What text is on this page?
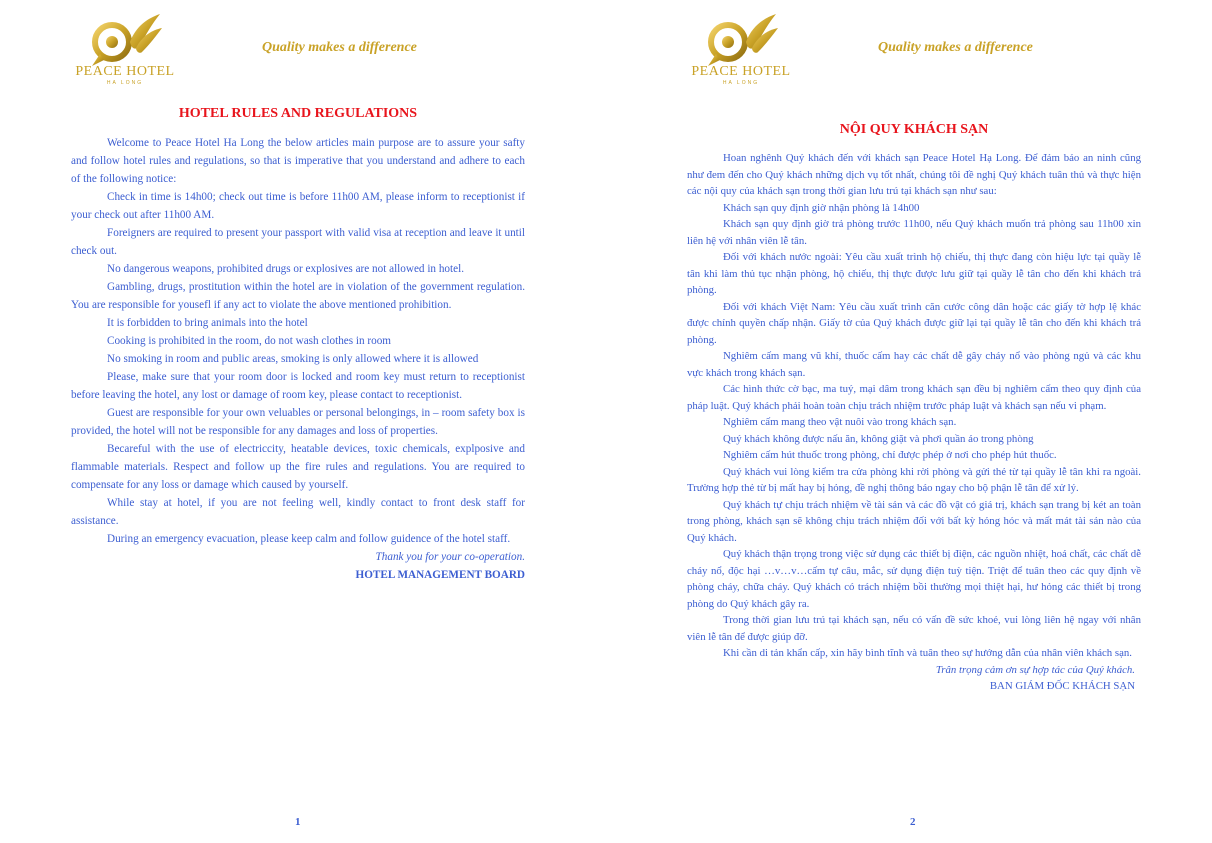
PEACE HOTEL
HA LONG
Quality makes a difference
HOTEL RULES AND REGULATIONS

Welcome to Peace Hotel Ha Long the below articles main purpose are to assure your safty and follow hotel rules and regulations, so that is imperative that you understand and adhere to each of the following notice:

Check in time is 14h00; check out time is before 11h00 AM, please inform to receptionist if your check out after 11h00 AM.

Foreigners are required to present your passport with valid visa at reception and leave it until check out.

No dangerous weapons, prohibited drugs or explosives are not allowed in hotel.

Gambling, drugs, prostitution within the hotel are in violation of the government regulation. You are responsible for yousefl if any act to violate the above mentioned prohibition.

It is forbidden to bring animals into the hotel

Cooking is prohibited in the room, do not wash clothes in room

No smoking in room and public areas, smoking is only allowed where it is allowed

Please, make sure that your room door is locked and room key must return to receptionist before leaving the hotel, any lost or damage of room key, please contact to receptionist.

Guest are responsible for your own veluables or personal belongings, in – room safety box is provided, the hotel will not be responsible for any damages and loss of properties.

Becareful with the use of electriccity, heatable devices, toxic chemicals, explposive and flammable materials. Respect and follow up the fire rules and regulations. You are required to compensate for any loss or damage which caused by yourself.

While stay at hotel, if you are not feeling well, kindly contact to front desk staff for assistance.

During an emergency evacuation, please keep calm and follow guidence of the hotel staff.

Thank you for your co-operation.

HOTEL MANAGEMENT BOARD

1
PEACE HOTEL
HA LONG
Quality makes a difference
NỘI QUY KHÁCH SẠN

Hoan nghênh Quý khách đến với khách sạn Peace Hotel Hạ Long. Để đảm bảo an ninh cũng như đem đến cho Quý khách những dịch vụ tốt nhất, chúng tôi đề nghị Quý khách tuân thủ và thực hiện các nội quy của khách sạn trong thời gian lưu trú tại khách sạn như sau:

Khách sạn quy định giờ nhận phòng là 14h00

Khách sạn quy định giờ trả phòng trước 11h00, nếu Quý khách muốn trả phòng sau 11h00 xin liên hệ với nhân viên lễ tân.

Đối với khách nước ngoài: Yêu cầu xuất trình hộ chiếu, thị thực đang còn hiệu lực tại quầy lễ tân khi làm thủ tục nhận phòng, hộ chiếu, thị thực được lưu giữ tại quầy lễ tân cho đến khi khách trả phòng.

Đối với khách Việt Nam: Yêu cầu xuất trình căn cước công dân hoặc các giấy tờ hợp lệ khác được chính quyền chấp nhận. Giấy tờ của Quý khách được giữ lại tại quầy lễ tân cho đến khi khách trả phòng.

Nghiêm cấm mang vũ khí, thuốc cấm hay các chất dễ gây cháy nổ vào phòng ngủ và các khu vực khách trong khách sạn.

Các hình thức cờ bạc, ma tuý, mại dâm trong khách sạn đều bị nghiêm cấm theo quy định của pháp luật. Quý khách phải hoàn toàn chịu trách nhiệm trước pháp luật và khách sạn nếu vi phạm.

Nghiêm cấm mang theo vật nuôi vào trong khách sạn.

Quý khách không được nấu ăn, không giặt và phơi quần áo trong phòng

Nghiêm cấm hút thuốc trong phòng, chỉ được phép ở nơi cho phép hút thuốc.

Quý khách vui lòng kiểm tra cửa phòng khi rời phòng và gửi thẻ từ tại quầy lễ tân khi ra ngoài. Trường hợp thẻ từ bị mất hay bị hỏng, đề nghị thông báo ngay cho bộ phận lễ tân để xử lý.

Quý khách tự chịu trách nhiệm về tài sản và các đồ vật có giá trị, khách sạn trang bị két an toàn trong phòng, khách sạn sẽ không chịu trách nhiệm đối với bất kỳ hỏng hóc và mất mát tài sản nào của Quý khách.

Quý khách thận trọng trong việc sử dụng các thiết bị điện, các nguồn nhiệt, hoá chất, các chất dễ cháy nổ, độc hại …v…v…cấm tự câu, mắc, sử dụng điện tuỳ tiện. Triệt để tuân theo các quy định về phòng cháy, chữa cháy. Quý khách có trách nhiệm bồi thường mọi thiệt hại, hư hỏng các thiết bị trong phòng do Quý khách gây ra.

Trong thời gian lưu trú tại khách sạn, nếu có vấn đề sức khoẻ, vui lòng liên hệ ngay với nhân viên lễ tân để được giúp đỡ.

Khi cần di tản khẩn cấp, xin hãy bình tĩnh và tuân theo sự hướng dẫn của nhân viên khách sạn.

Trân trọng cảm ơn sự hợp tác của Quý khách.

BAN GIÁM ĐỐC KHÁCH SẠN

2
